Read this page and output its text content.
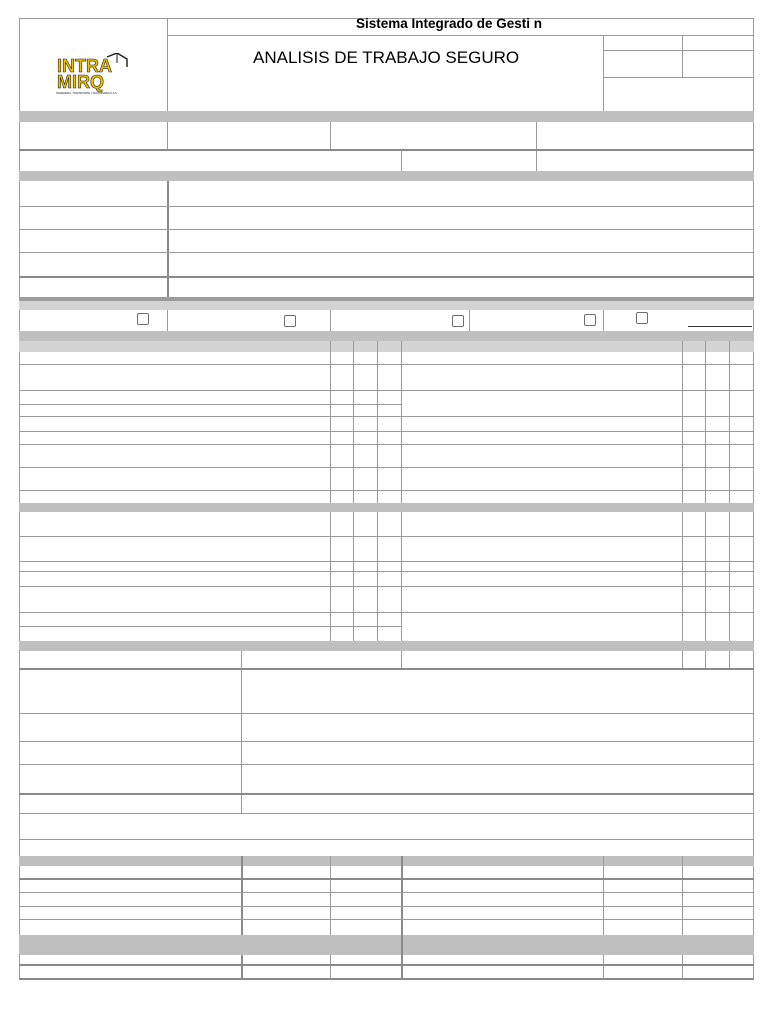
Sistema Integrado de Gesti n
ANALISIS DE TRABAJO SEGURO
INTRA
MIRQ
INGENIERIA, TRANSPORTE Y MAQUINARIA S.A.S
